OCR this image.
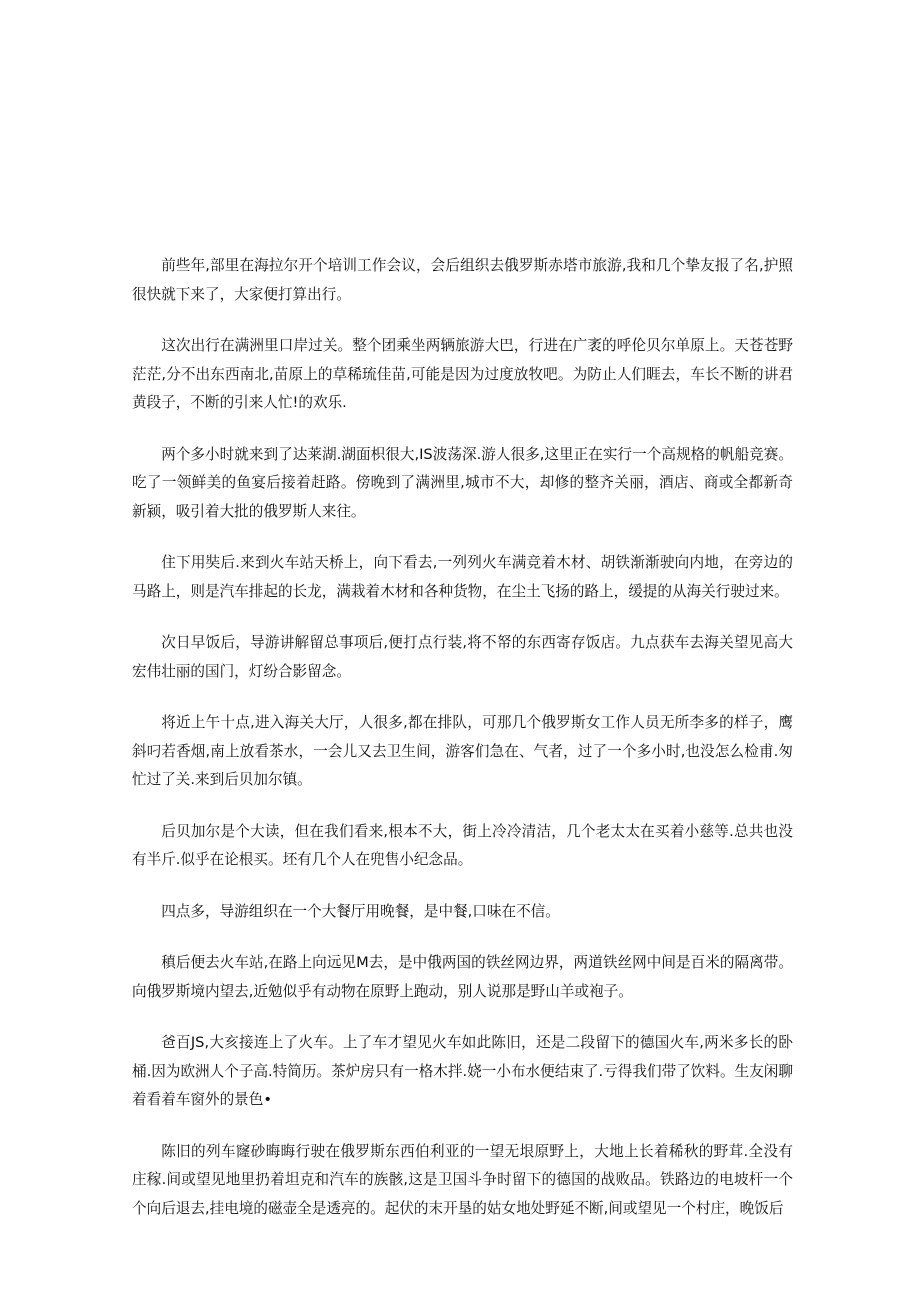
前些年,部里在海拉尔开个培训工作会议，会后组织去俄罗斯赤塔市旅游,我和几个挚友报了名,护照很快就下来了，大家便打算出行。

这次出行在满洲里口岸过关。整个团乘坐两辆旅游大巴，行进在广袤的呼伦贝尔单原上。天苍苍野茫茫,分不出东西南北,苗原上的草稀琉佳苗,可能是因为过度放牧吧。为防止人们睚去，车长不断的讲君黄段子，不断的引来人忙!的欢乐.

两个多小时就来到了达莱湖.湖面枳很大,IS波荡深.游人很多,这里正在实行一个高规格的帆船竞赛。吃了一领鲜美的鱼宴后接着赶路。傍晚到了满洲里,城市不大，却修的整齐关丽，酒店、商或全都新奇新颍，吸引着大批的俄罗斯人来往。

住下用奘后.来到火车站天桥上，向下看去,一列列火车满竞着木材、胡铁渐渐驶向内地，在旁边的马路上，则是汽车排起的长龙，满栽着木材和各种货物，在尘土飞扬的路上，缓提的从海关行驶过来。

次日早饭后，导游讲解留总事项后,便打点行装,将不帑的东西寄存饭店。九点获车去海关望见高大宏伟壮丽的国门，灯纷合影留念。

将近上午十点,进入海关大厅，人很多,都在排队，可那几个俄罗斯女工作人员无所李多的样子，鹰斜叼若香烟,南上放看茶水，一会儿又去卫生间，游客们急在、气者，过了一个多小时,也没怎么检甫.匆忙过了关.来到后贝加尔镇。

后贝加尔是个大读，但在我们看来,根本不大，街上冷冷清洁，几个老太太在买着小慈等.总共也没有半斤.似乎在论根买。坯有几个人在兜售小纪念品。

四点多，导游组织在一个大餐厅用晚餐，是中餐,口味在不信。

稹后便去火车站,在路上向远见M去，是中俄两国的铁丝网边界，两道铁丝网中间是百米的隔离带。向俄罗斯境内望去,近勉似乎有动物在原野上跑动，别人说那是野山羊或袍子。

爸百JS,大亥接连上了火车。上了车才望见火车如此陈旧，还是二段留下的德国火车,两米多长的卧桶.因为欧洲人个子高.特简历。茶炉房只有一格木拌.娆一小布水便结束了.亏得我们带了饮料。生友闲聊着看着车窗外的景色•

陈旧的列车窿砂晦晦行驶在俄罗斯东西伯利亚的一望无垠原野上，大地上长着稀秋的野茸.全没有庄稼.间或望见地里扔着坦克和汽车的族骸,这是卫国斗争时留下的德国的战败品。铁路边的电坡杆一个个向后退去,挂电境的磁壶全是透亮的。起伏的末开垦的姑女地处野延不断,间或望见一个村庄，晚饭后
